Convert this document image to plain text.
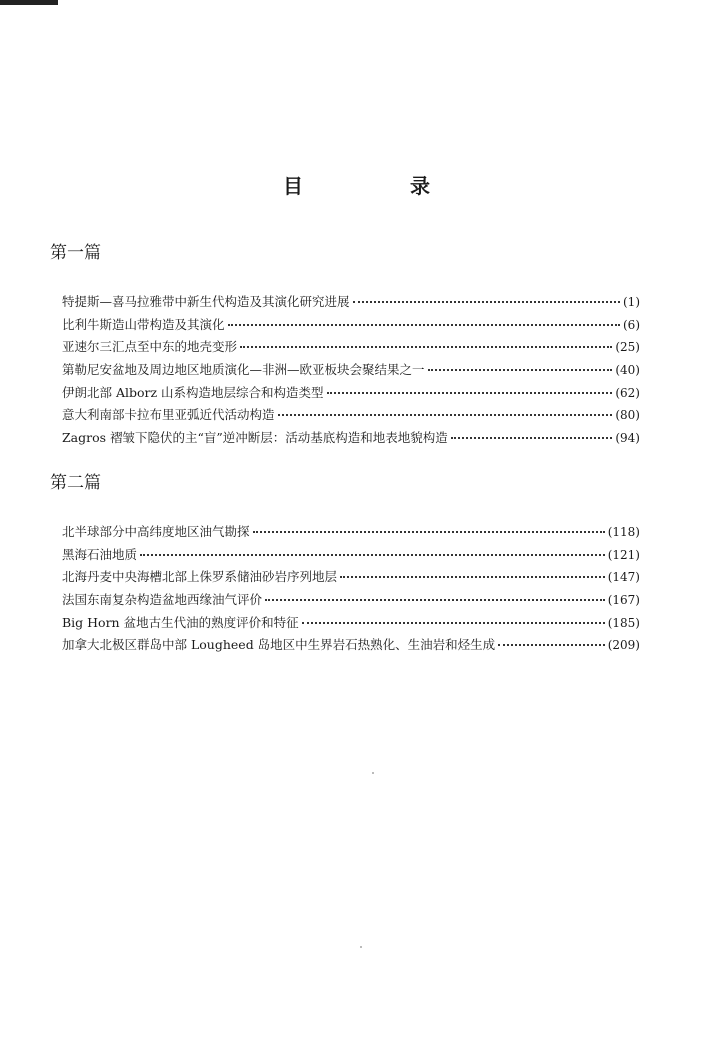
目 录
第一篇
特提斯—喜马拉雅带中新生代构造及其演化研究进展	(1)
比利牛斯造山带构造及其演化	(6)
亚速尔三汇点至中东的地壳变形	(25)
第勒尼安盆地及周边地区地质演化—非洲—欧亚板块会聚结果之一	(40)
伊朗北部 Alborz 山系构造地层综合和构造类型	(62)
意大利南部卡拉布里亚弧近代活动构造	(80)
Zagros 褶皱下隐伏的主“盲”逆冲断层：活动基底构造和地表地貌构造	(94)
第二篇
北半球部分中高纬度地区油气勘探	(118)
黑海石油地质	(121)
北海丹麦中央海槽北部上侏罗系储油砂岩序列地层	(147)
法国东南复杂构造盆地西缘油气评价	(167)
Big Horn 盆地古生代油的熟度评价和特征	(185)
加拿大北极区群岛中部 Lougheed 岛地区中生界岩石热熟化、生油岩和烃生成	(209)
